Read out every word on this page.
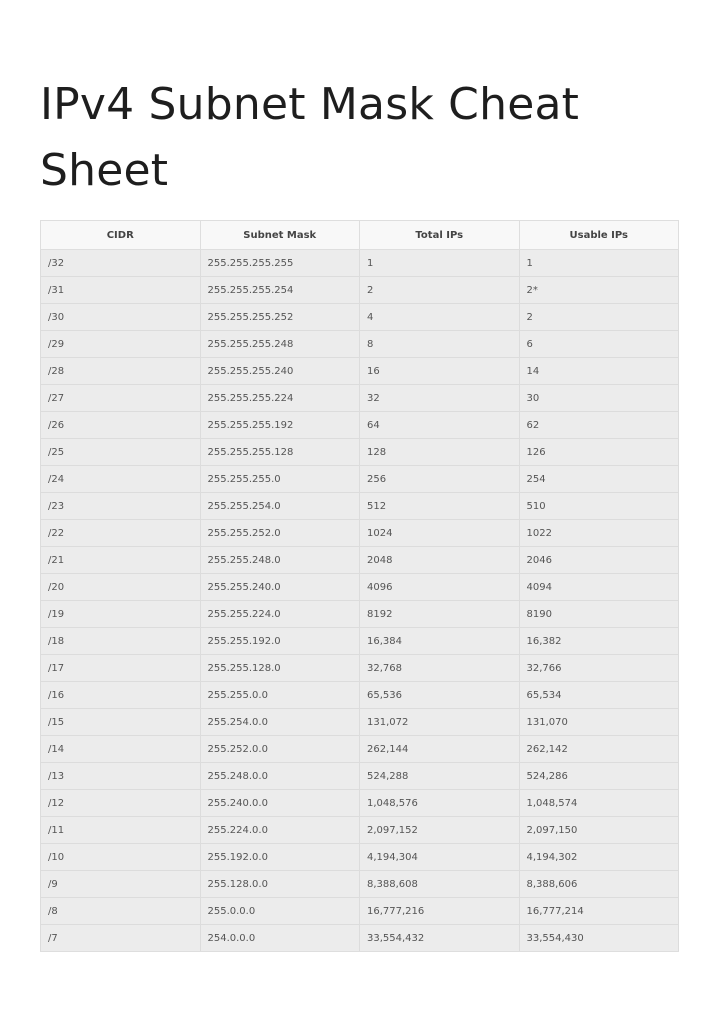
IPv4 Subnet Mask Cheat Sheet
CIDR	Subnet Mask	Total IPs	Usable IPs
/32	255.255.255.255	1	1
/31	255.255.255.254	2	2*
/30	255.255.255.252	4	2
/29	255.255.255.248	8	6
/28	255.255.255.240	16	14
/27	255.255.255.224	32	30
/26	255.255.255.192	64	62
/25	255.255.255.128	128	126
/24	255.255.255.0	256	254
/23	255.255.254.0	512	510
/22	255.255.252.0	1024	1022
/21	255.255.248.0	2048	2046
/20	255.255.240.0	4096	4094
/19	255.255.224.0	8192	8190
/18	255.255.192.0	16,384	16,382
/17	255.255.128.0	32,768	32,766
/16	255.255.0.0	65,536	65,534
/15	255.254.0.0	131,072	131,070
/14	255.252.0.0	262,144	262,142
/13	255.248.0.0	524,288	524,286
/12	255.240.0.0	1,048,576	1,048,574
/11	255.224.0.0	2,097,152	2,097,150
/10	255.192.0.0	4,194,304	4,194,302
/9	255.128.0.0	8,388,608	8,388,606
/8	255.0.0.0	16,777,216	16,777,214
/7	254.0.0.0	33,554,432	33,554,430
